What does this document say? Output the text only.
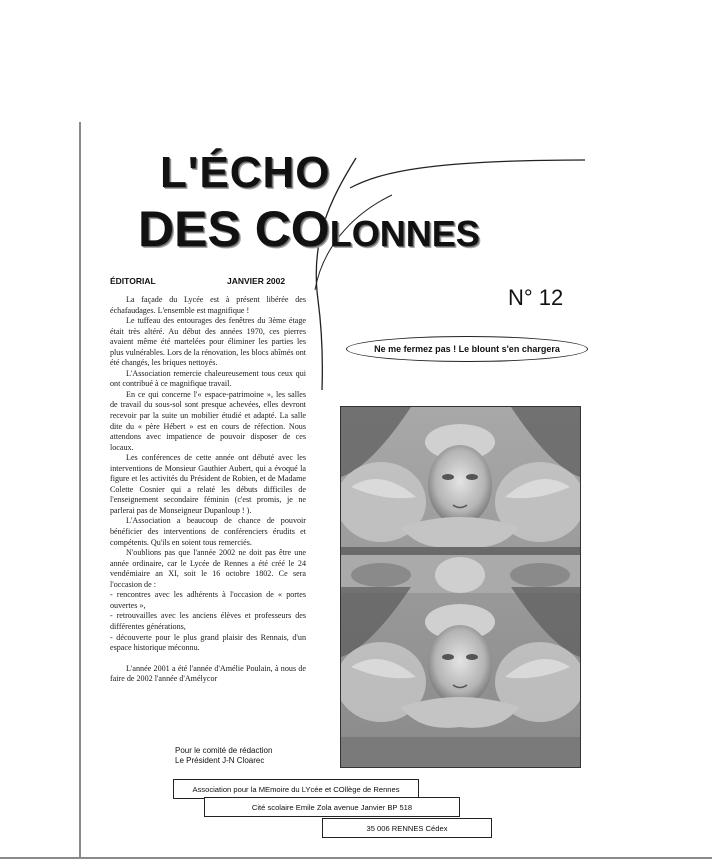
L'ÉCHO
DES COLONNES
ÉDITORIAL	JANVIER 2002
N° 12
Ne me fermez pas ! Le blount s'en chargera

La façade du Lycée est à présent libérée des échafaudages. L'ensemble est magnifique !

Le tuffeau des entourages des fenêtres du 3ème étage était très altéré. Au début des années 1970, ces pierres avaient même été martelées pour éliminer les parties les plus vulnérables. Lors de la rénovation, les blocs abîmés ont été changés, les briques nettoyés.

L'Association remercie chaleureusement tous ceux qui ont contribué à ce magnifique travail.

En ce qui concerne l'« espace-patrimoine », les salles de travail du sous-sol sont presque achevées, elles devront recevoir par la suite un mobilier étudié et adapté. La salle dite du « père Hébert » est en cours de réfection. Nous attendons avec impatience de pouvoir disposer de ces locaux.

Les conférences de cette année ont débuté avec les interventions de Monsieur Gauthier Aubert, qui a évoqué la figure et les activités du Président de Robien, et de Madame Colette Cosnier qui a relaté les débuts difficiles de l'enseignement secondaire féminin (c'est promis, je ne parlerai pas de Monseigneur Dupanloup ! ).

L'Association a beaucoup de chance de pouvoir bénéficier des interventions de conférenciers érudits et compétents. Qu'ils en soient tous remerciés.

N'oublions pas que l'année 2002 ne doit pas être une année ordinaire, car le Lycée de Rennes a été créé le 24 vendémiaire an XI, soit le 16 octobre 1802. Ce sera l'occasion de :

- rencontres avec les adhérents à l'occasion de « portes ouvertes »,

- retrouvailles avec les anciens élèves et professeurs des différentes générations,

- découverte pour le plus grand plaisir des Rennais, d'un espace historique méconnu.

L'année 2001 a été l'année d'Amélie Poulain, à nous de faire de 2002 l'année d'Amélycor

Pour le comité de rédaction
Le Président J-N Cloarec
Association pour la MEmoire du LYcée et COllège de Rennes
Cité scolaire Emile Zola avenue Janvier BP 518
35 006 RENNES Cédex
